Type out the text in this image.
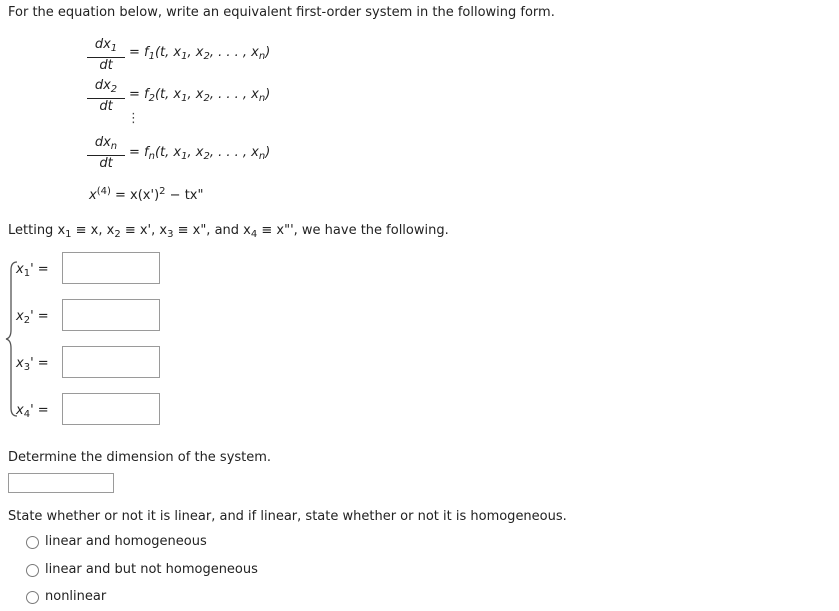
For the equation below, write an equivalent first-order system in the following form.
$\frac{dx_1}{dt} = f_1(t$, $x_1$, $x_2$, . . . , $x_n$)
$\frac{dx_2}{dt} = f_2(t$, $x_1$, $x_2$, . . . , $x_n$)
⋮
$dx_n$
dt
= $f_n(t$, $x_1$, $x_2$, . . . , $x_n$)
$x^{(4)} = x(x')^2$ − tx"
Letting $x_1 \equiv x$, $x_2 \equiv x'$, $x_3 \equiv x$", and $x_4$ ≡ x"', we have the following.
$x_1'$ =
$x_2'$ =
$x_3'$ =
$x_4'$ =
Determine the dimension of the system.
State whether or not it is linear, and if linear, state whether or not it is homogeneous.
linear and homogeneous
linear and but not homogeneous
nonlinear
